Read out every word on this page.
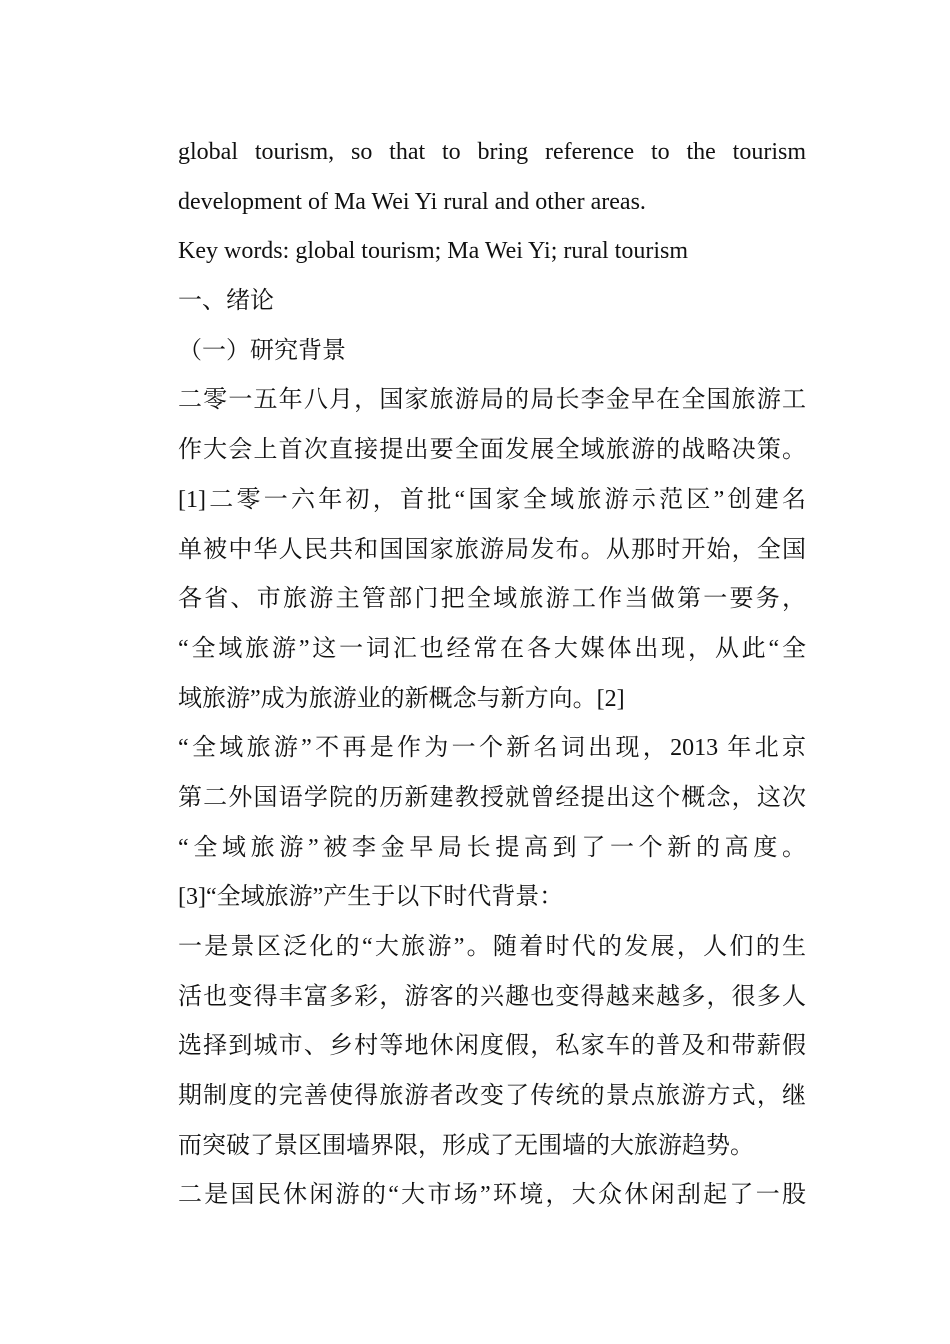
global tourism, so that to bring reference to the tourism
development of Ma Wei Yi rural and other areas.
Key words: global tourism; Ma Wei Yi; rural tourism
一、绪论
（一）研究背景
二零一五年八月，国家旅游局的局长李金早在全国旅游工
作大会上首次直接提出要全面发展全域旅游的战略决策。
[1]二零一六年初，首批“国家全域旅游示范区”创建名
单被中华人民共和国国家旅游局发布。从那时开始，全国
各省、市旅游主管部门把全域旅游工作当做第一要务，
“全域旅游”这一词汇也经常在各大媒体出现，从此“全
域旅游”成为旅游业的新概念与新方向。[2]
“全域旅游”不再是作为一个新名词出现，2013 年北京
第二外国语学院的历新建教授就曾经提出这个概念，这次
“全域旅游”被李金早局长提高到了一个新的高度。
[3]“全域旅游”产生于以下时代背景：
一是景区泛化的“大旅游”。随着时代的发展，人们的生
活也变得丰富多彩，游客的兴趣也变得越来越多，很多人
选择到城市、乡村等地休闲度假，私家车的普及和带薪假
期制度的完善使得旅游者改变了传统的景点旅游方式，继
而突破了景区围墙界限，形成了无围墙的大旅游趋势。
二是国民休闲游的“大市场”环境，大众休闲刮起了一股
